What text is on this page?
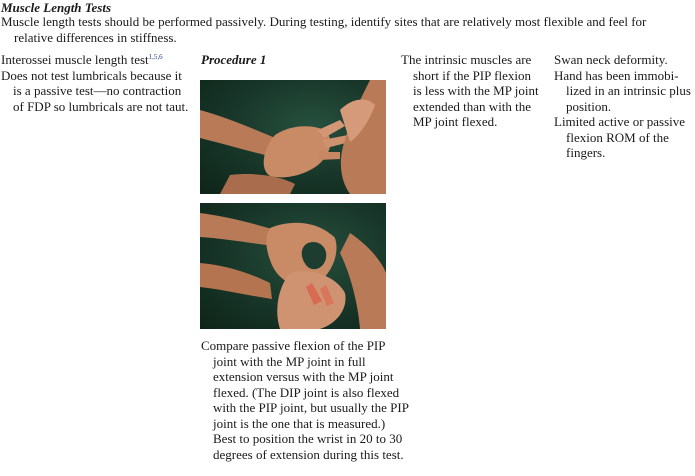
Muscle Length Tests

Muscle length tests should be performed passively. During testing, identify sites that are relatively most flexible and feel for
relative differences in stiffness.

Interossei muscle length test$^{1,5,6}$

Does not test lumbricals because it is a passive test—no contraction of FDP so lumbricals are not taut.

Procedure 1

Compare passive flexion of the PIP joint with the MP joint in full extension versus with the MP joint flexed. (The DIP joint is also flexed with the PIP joint, but usually the PIP joint is the one that is measured.) Best to position the wrist in 20 to 30 degrees of extension during this test.

The intrinsic muscles are short if the PIP flexion is less with the MP joint extended than with the MP joint flexed.

Swan neck deformity.

Hand has been immobilized in an intrinsic plus position.

Limited active or passive flexion ROM of the fingers.
